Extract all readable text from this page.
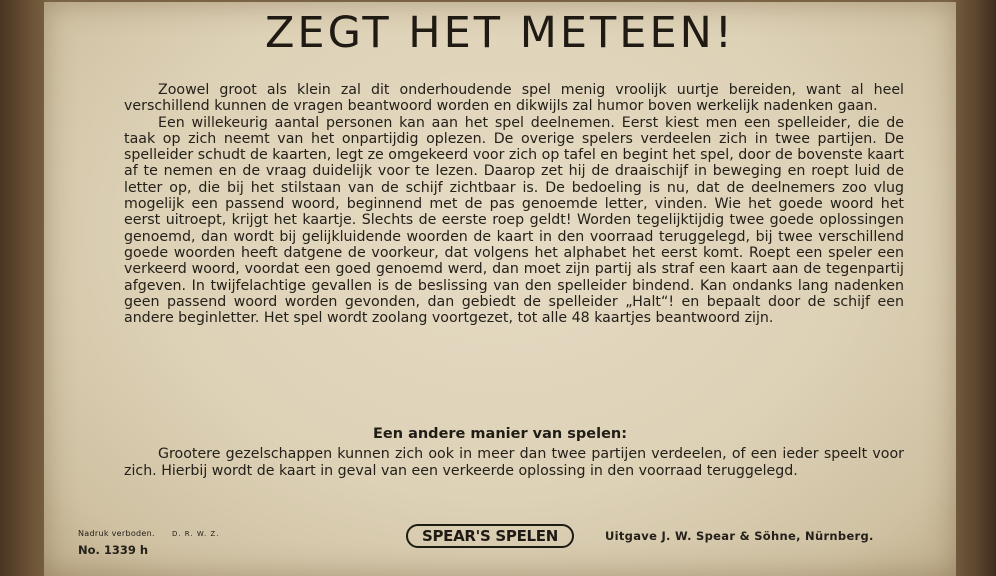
ZEGT HET METEEN!

Zoowel groot als klein zal dit onderhoudende spel menig vroolijk uurtje bereiden, want al heel verschillend kunnen de vragen beantwoord worden en dikwijls zal humor boven werkelijk nadenken gaan.

Een willekeurig aantal personen kan aan het spel deelnemen. Eerst kiest men een spelleider, die de taak op zich neemt van het onpartijdig oplezen. De overige spelers verdeelen zich in twee partijen. De spelleider schudt de kaarten, legt ze omgekeerd voor zich op tafel en begint het spel, door de bovenste kaart af te nemen en de vraag duidelijk voor te lezen. Daarop zet hij de draaischijf in beweging en roept luid de letter op, die bij het stilstaan van de schijf zichtbaar is. De bedoeling is nu, dat de deelnemers zoo vlug mogelijk een passend woord, beginnend met de pas genoemde letter, vinden. Wie het goede woord het eerst uitroept, krijgt het kaartje. Slechts de eerste roep geldt! Worden tegelijktijdig twee goede oplossingen genoemd, dan wordt bij gelijkluidende woorden de kaart in den voorraad teruggelegd, bij twee verschillend goede woorden heeft datgene de voorkeur, dat volgens het alphabet het eerst komt. Roept een speler een verkeerd woord, voordat een goed genoemd werd, dan moet zijn partij als straf een kaart aan de tegenpartij afgeven. In twijfelachtige gevallen is de beslissing van den spelleider bindend. Kan ondanks lang nadenken geen passend woord worden gevonden, dan gebiedt de spelleider „Halt“! en bepaalt door de schijf een andere beginletter. Het spel wordt zoolang voortgezet, tot alle 48 kaartjes beantwoord zijn.

Een andere manier van spelen:

Grootere gezelschappen kunnen zich ook in meer dan twee partijen verdeelen, of een ieder speelt voor zich. Hierbij wordt de kaart in geval van een verkeerde oplossing in den voorraad teruggelegd.

Nadruk verboden. D. R. W. Z.
No. 1339 h
SPEAR'S SPELEN	Uitgave J. W. Spear & Söhne, Nürnberg.
